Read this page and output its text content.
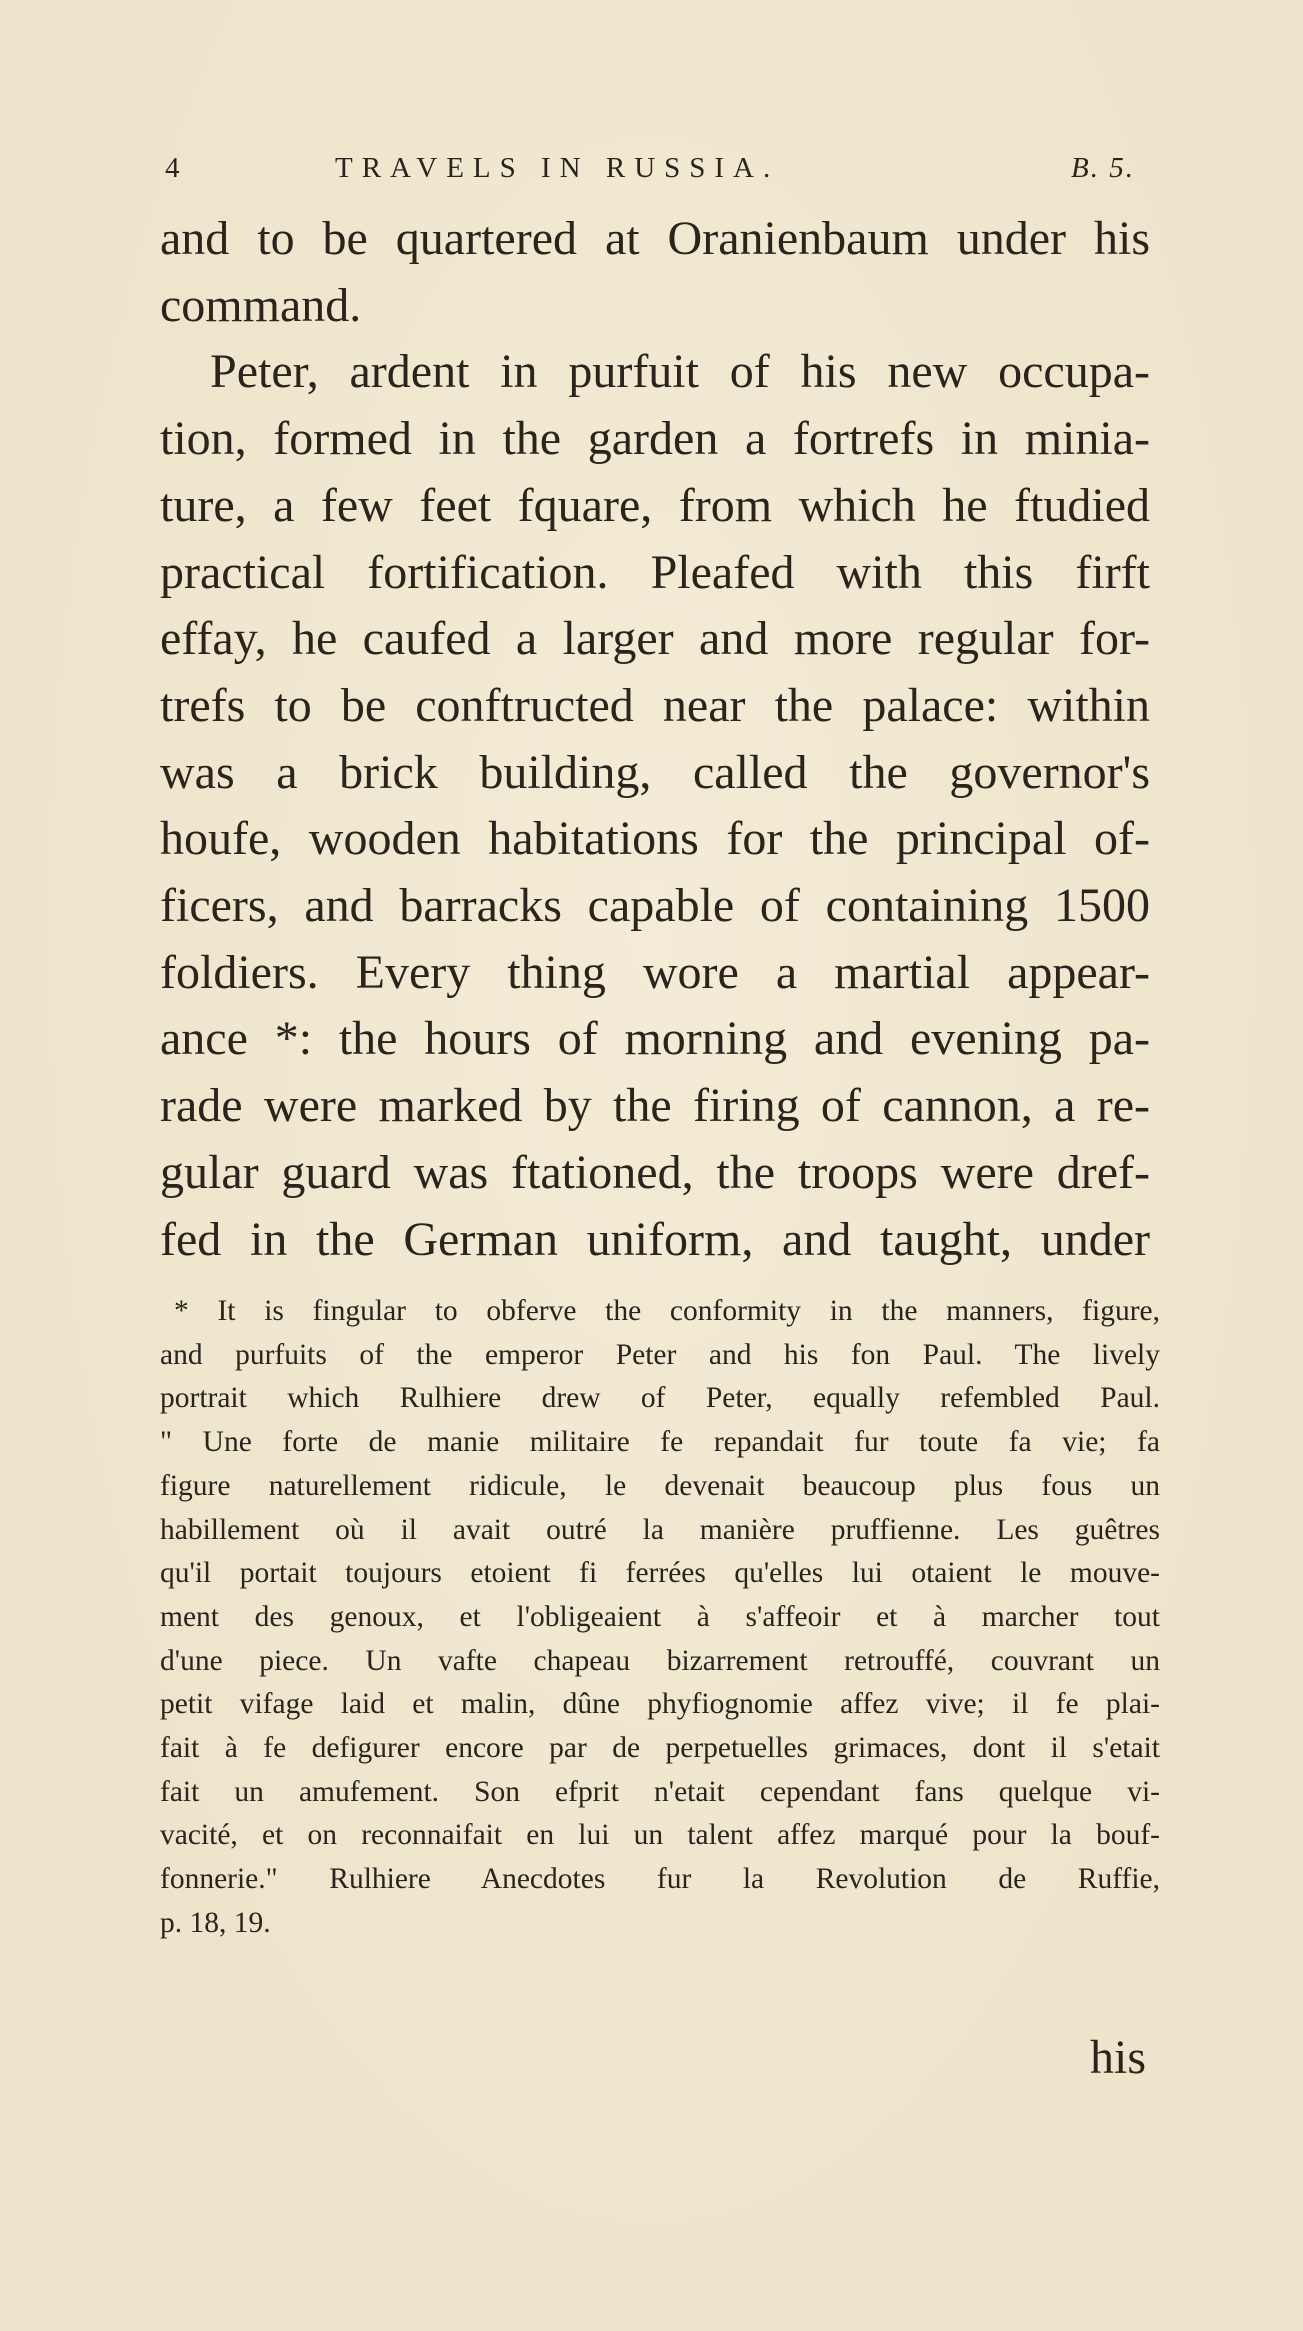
4	TRAVELS IN RUSSIA.	B. 5.
and to be quartered at Oranienbaum under his
command.
Peter, ardent in purfuit of his new occupa-
tion, formed in the garden a fortrefs in minia-
ture, a few feet fquare, from which he ftudied
practical fortification. Pleafed with this firft
effay, he caufed a larger and more regular for-
trefs to be conftructed near the palace: within
was a brick building, called the governor's
houfe, wooden habitations for the principal of-
ficers, and barracks capable of containing 1500
foldiers. Every thing wore a martial appear-
ance *: the hours of morning and evening pa-
rade were marked by the firing of cannon, a re-
gular guard was ftationed, the troops were dref-
fed in the German uniform, and taught, under
* It is fingular to obferve the conformity in the manners, figure,
and purfuits of the emperor Peter and his fon Paul. The lively
portrait which Rulhiere drew of Peter, equally refembled Paul.
" Une forte de manie militaire fe repandait fur toute fa vie; fa
figure naturellement ridicule, le devenait beaucoup plus fous un
habillement où il avait outré la manière pruffienne. Les guêtres
qu'il portait toujours etoient fi ferrées qu'elles lui otaient le mouve-
ment des genoux, et l'obligeaient à s'affeoir et à marcher tout
d'une piece. Un vafte chapeau bizarrement retrouffé, couvrant un
petit vifage laid et malin, dûne phyfiognomie affez vive; il fe plai-
fait à fe defigurer encore par de perpetuelles grimaces, dont il s'etait
fait un amufement. Son efprit n'etait cependant fans quelque vi-
vacité, et on reconnaifait en lui un talent affez marqué pour la bouf-
fonnerie." Rulhiere Anecdotes fur la Revolution de Ruffie,
p. 18, 19.
his
